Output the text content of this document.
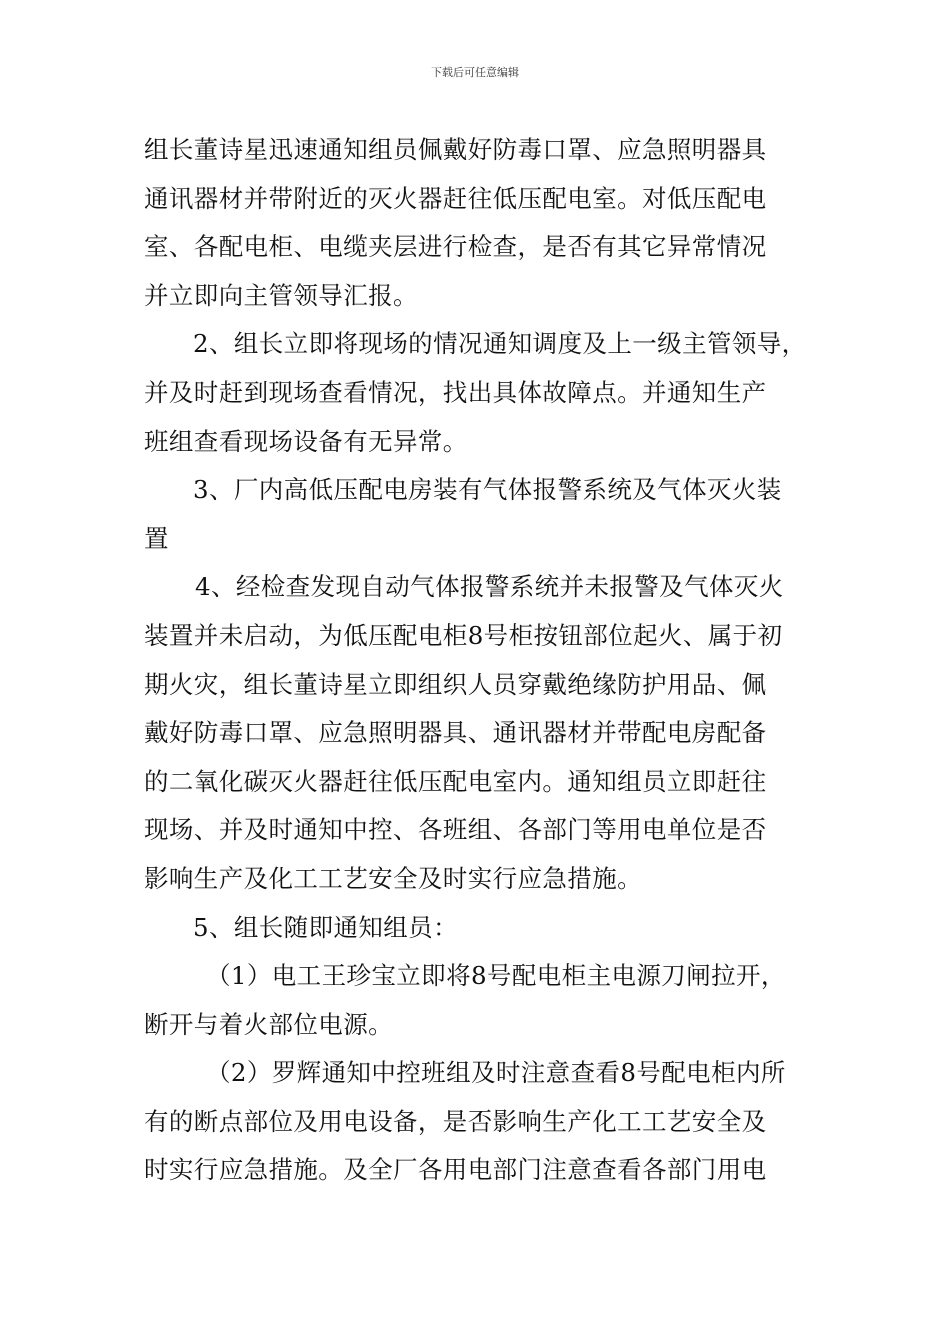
下载后可任意编辑
组长董诗星迅速通知组员佩戴好防毒口罩、应急照明器具
通讯器材并带附近的灭火器赶往低压配电室。对低压配电
室、各配电柜、电缆夹层进行检查，是否有其它异常情况
并立即向主管领导汇报。
2、组长立即将现场的情况通知调度及上一级主管领导，
并及时赶到现场查看情况，找出具体故障点。并通知生产
班组查看现场设备有无异常。
3、厂内高低压配电房装有气体报警系统及气体灭火装
置
4、经检查发现自动气体报警系统并未报警及气体灭火
装置并未启动，为低压配电柜8号柜按钮部位起火、属于初
期火灾，组长董诗星立即组织人员穿戴绝缘防护用品、佩
戴好防毒口罩、应急照明器具、通讯器材并带配电房配备
的二氧化碳灭火器赶往低压配电室内。通知组员立即赶往
现场、并及时通知中控、各班组、各部门等用电单位是否
影响生产及化工工艺安全及时实行应急措施。
5、组长随即通知组员：
（1）电工王珍宝立即将8号配电柜主电源刀闸拉开，
断开与着火部位电源。
（2）罗辉通知中控班组及时注意查看8号配电柜内所
有的断点部位及用电设备，是否影响生产化工工艺安全及
时实行应急措施。及全厂各用电部门注意查看各部门用电
